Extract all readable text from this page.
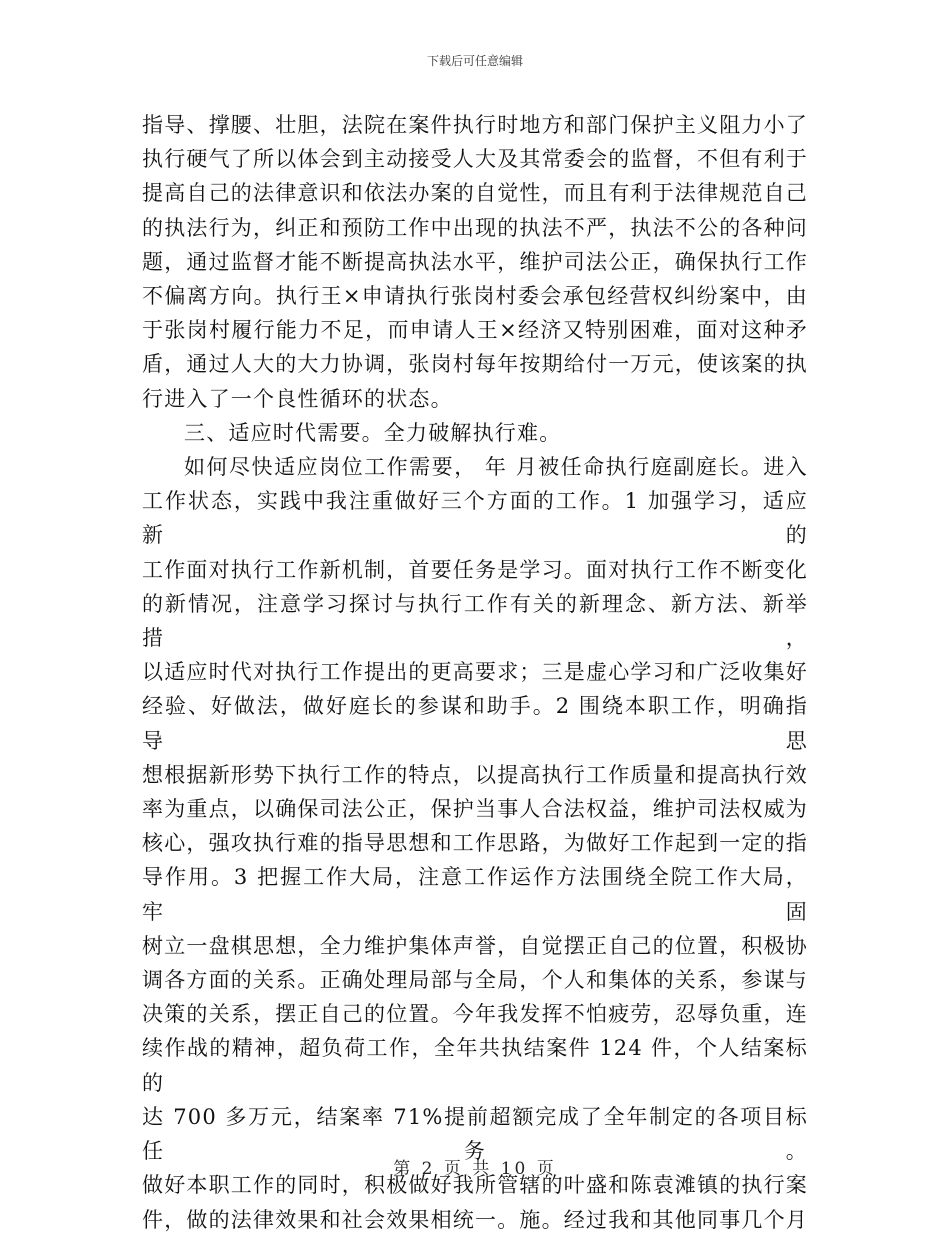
下载后可任意编辑

指导、撑腰、壮胆，法院在案件执行时地方和部门保护主义阻力小了

执行硬气了所以体会到主动接受人大及其常委会的监督，不但有利于

提高自己的法律意识和依法办案的自觉性，而且有利于法律规范自己

的执法行为，纠正和预防工作中出现的执法不严，执法不公的各种问

题，通过监督才能不断提高执法水平，维护司法公正，确保执行工作

不偏离方向。执行王×申请执行张岗村委会承包经营权纠纷案中，由

于张岗村履行能力不足，而申请人王×经济又特别困难，面对这种矛

盾，通过人大的大力协调，张岗村每年按期给付一万元，使该案的执

行进入了一个良性循环的状态。

三、适应时代需要。全力破解执行难。

如何尽快适应岗位工作需要， 年 月被任命执行庭副庭长。进入

工作状态，实践中我注重做好三个方面的工作。1 加强学习，适应新的

工作面对执行工作新机制，首要任务是学习。面对执行工作不断变化

的新情况，注意学习探讨与执行工作有关的新理念、新方法、新举措，

以适应时代对执行工作提出的更高要求；三是虚心学习和广泛收集好

经验、好做法，做好庭长的参谋和助手。2 围绕本职工作，明确指导思

想根据新形势下执行工作的特点，以提高执行工作质量和提高执行效

率为重点，以确保司法公正，保护当事人合法权益，维护司法权威为

核心，强攻执行难的指导思想和工作思路，为做好工作起到一定的指

导作用。3 把握工作大局，注意工作运作方法围绕全院工作大局，牢固

树立一盘棋思想，全力维护集体声誉，自觉摆正自己的位置，积极协

调各方面的关系。正确处理局部与全局，个人和集体的关系，参谋与

决策的关系，摆正自己的位置。今年我发挥不怕疲劳，忍辱负重，连

续作战的精神，超负荷工作，全年共执结案件 124 件，个人结案标的

达 700 多万元，结案率 71%提前超额完成了全年制定的各项目标任务。

做好本职工作的同时，积极做好我所管辖的叶盛和陈袁滩镇的执行案

件，做的法律效果和社会效果相统一。施。经过我和其他同事几个月

第 2 页 共 10 页
